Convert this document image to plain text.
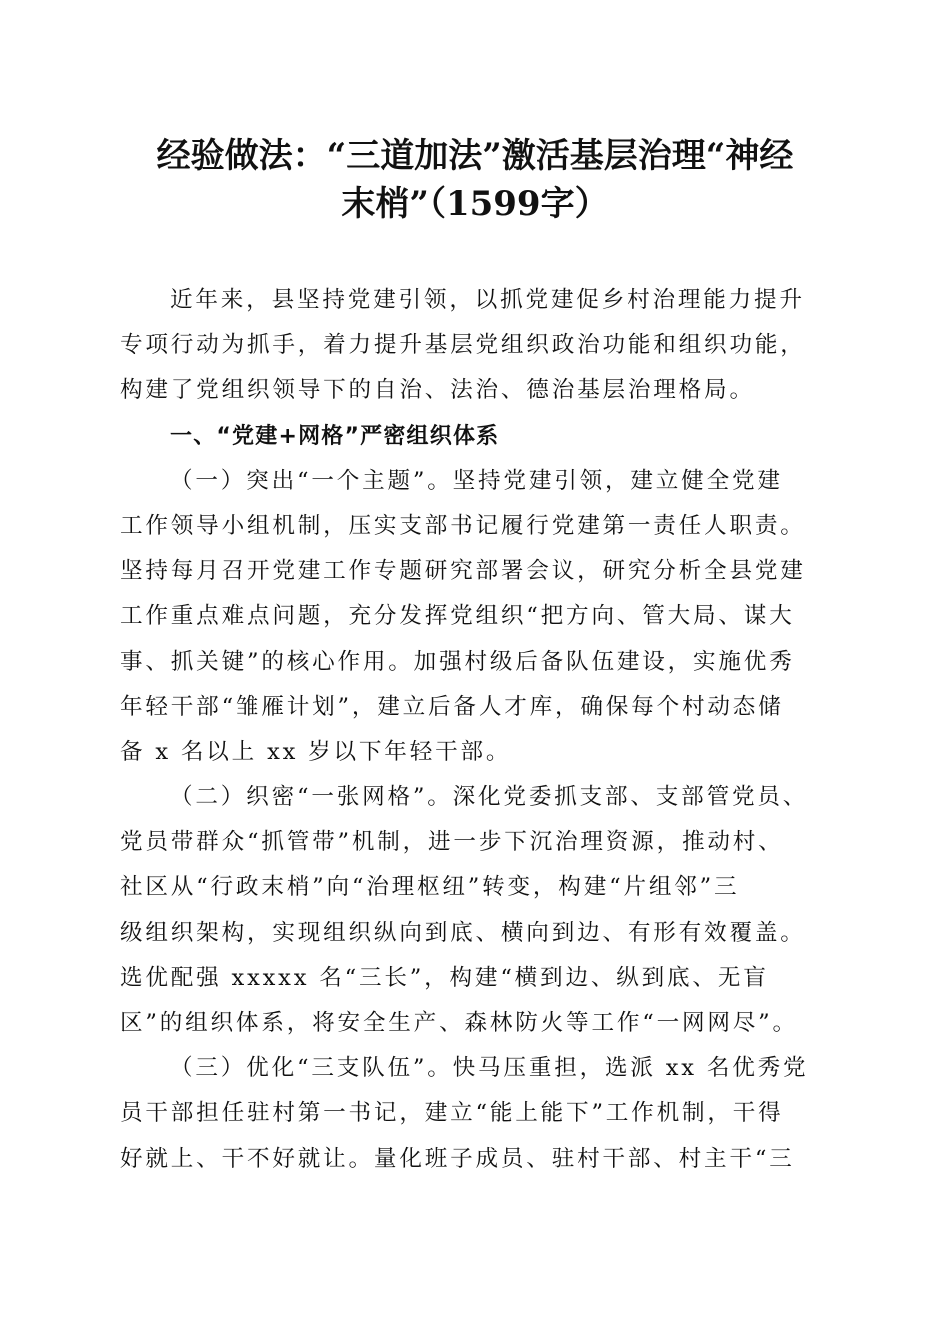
经验做法：“三道加法”激活基层治理“神经
末梢”（1599字）
近年来，县坚持党建引领，以抓党建促乡村治理能力提升
专项行动为抓手，着力提升基层党组织政治功能和组织功能，
构建了党组织领导下的自治、法治、德治基层治理格局。
一、“党建+网格”严密组织体系
（一）突出“一个主题”。坚持党建引领，建立健全党建
工作领导小组机制，压实支部书记履行党建第一责任人职责。
坚持每月召开党建工作专题研究部署会议，研究分析全县党建
工作重点难点问题，充分发挥党组织“把方向、管大局、谋大
事、抓关键”的核心作用。加强村级后备队伍建设，实施优秀
年轻干部“雏雁计划”，建立后备人才库，确保每个村动态储
备 x 名以上 xx 岁以下年轻干部。
（二）织密“一张网格”。深化党委抓支部、支部管党员、
党员带群众“抓管带”机制，进一步下沉治理资源，推动村、
社区从“行政末梢”向“治理枢纽”转变，构建“片组邻”三
级组织架构，实现组织纵向到底、横向到边、有形有效覆盖。
选优配强 xxxxx 名“三长”，构建“横到边、纵到底、无盲
区”的组织体系，将安全生产、森林防火等工作“一网网尽”。
（三）优化“三支队伍”。快马压重担，选派 xx 名优秀党
员干部担任驻村第一书记，建立“能上能下”工作机制，干得
好就上、干不好就让。量化班子成员、驻村干部、村主干“三
